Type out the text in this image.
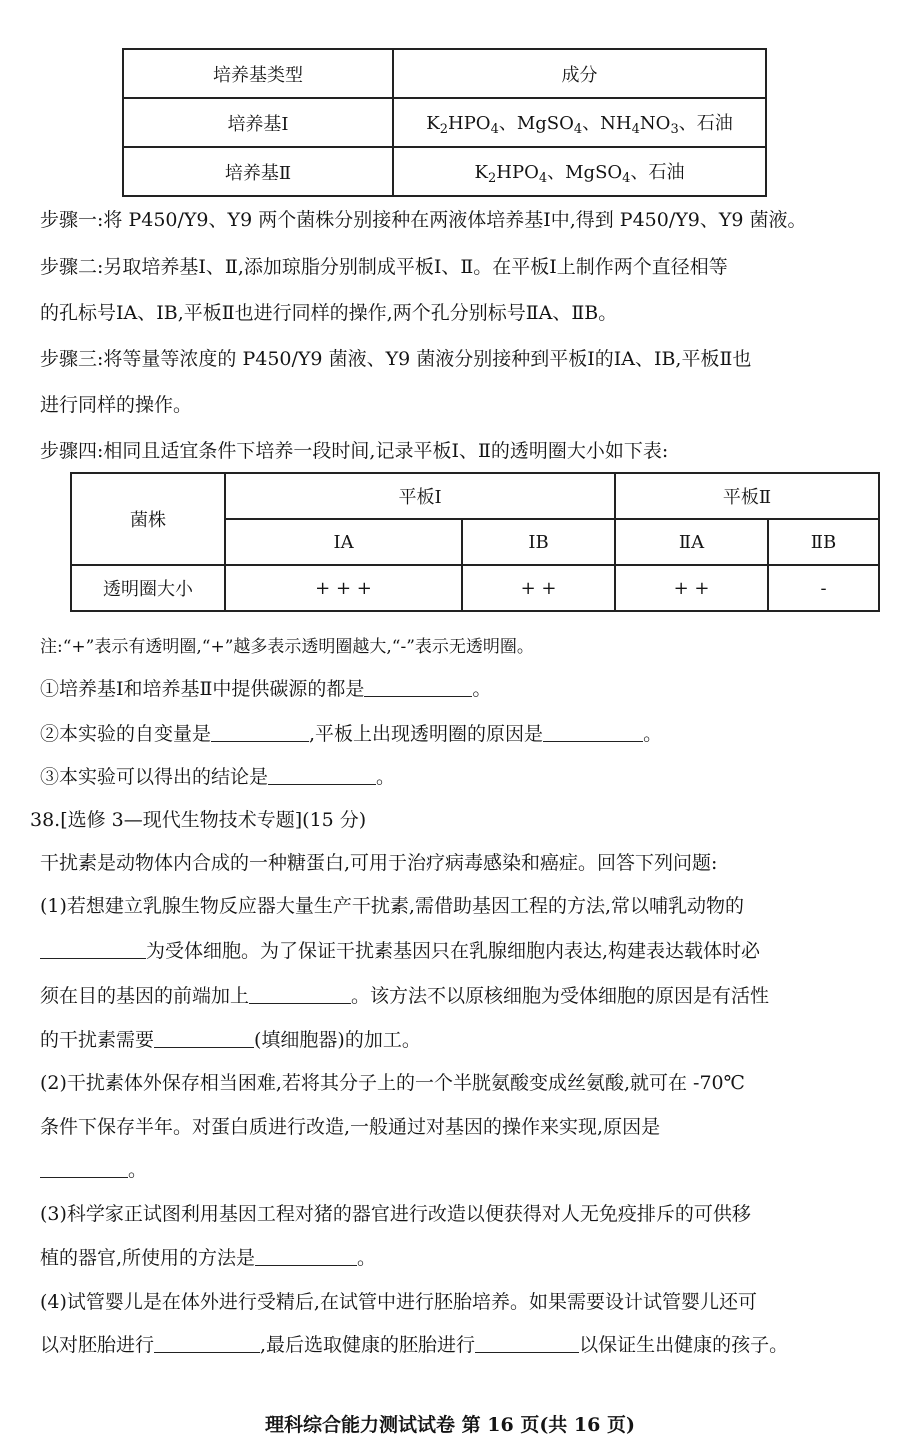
培养基类型	成分
培养基Ⅰ	$K_2HPO_4$、MgSO$_4$、$NH_4NO_3$、石油
培养基Ⅱ	$K_2HPO_4$、MgSO$_4$、石油
步骤一:将 P450/Y9、Y9 两个菌株分别接种在两液体培养基Ⅰ中,得到 P450/Y9、Y9 菌液。
步骤二:另取培养基Ⅰ、Ⅱ,添加琼脂分别制成平板Ⅰ、Ⅱ。在平板Ⅰ上制作两个直径相等
的孔标号ⅠA、ⅠB,平板Ⅱ也进行同样的操作,两个孔分别标号ⅡA、ⅡB。
步骤三:将等量等浓度的 P450/Y9 菌液、Y9 菌液分别接种到平板Ⅰ的ⅠA、ⅠB,平板Ⅱ也
进行同样的操作。
步骤四:相同且适宜条件下培养一段时间,记录平板Ⅰ、Ⅱ的透明圈大小如下表:
菌株	平板Ⅰ		平板Ⅱ	
	ⅠA	ⅠB	ⅡA	ⅡB
透明圈大小	+ + +	+ +	+ +	-
注:“+”表示有透明圈,“+”越多表示透明圈越大,“-”表示无透明圈。
①培养基Ⅰ和培养基Ⅱ中提供碳源的都是	。
②本实验的自变量是	,平板上出现透明圈的原因是	。
③本实验可以得出的结论是	。
38.[选修 3—现代生物技术专题](15 分)
干扰素是动物体内合成的一种糖蛋白,可用于治疗病毒感染和癌症。回答下列问题:
(1)若想建立乳腺生物反应器大量生产干扰素,需借助基因工程的方法,常以哺乳动物的
为受体细胞。为了保证干扰素基因只在乳腺细胞内表达,构建表达载体时必
须在目的基因的前端加上	。该方法不以原核细胞为受体细胞的原因是有活性
的干扰素需要	(填细胞器)的加工。
(2)干扰素体外保存相当困难,若将其分子上的一个半胱氨酸变成丝氨酸,就可在 -70℃
条件下保存半年。对蛋白质进行改造,一般通过对基因的操作来实现,原因是
。
(3)科学家正试图利用基因工程对猪的器官进行改造以便获得对人无免疫排斥的可供移
植的器官,所使用的方法是	。
(4)试管婴儿是在体外进行受精后,在试管中进行胚胎培养。如果需要设计试管婴儿还可
以对胚胎进行	,最后选取健康的胚胎进行	以保证生出健康的孩子。
理科综合能力测试试卷 第 16 页(共 16 页)
